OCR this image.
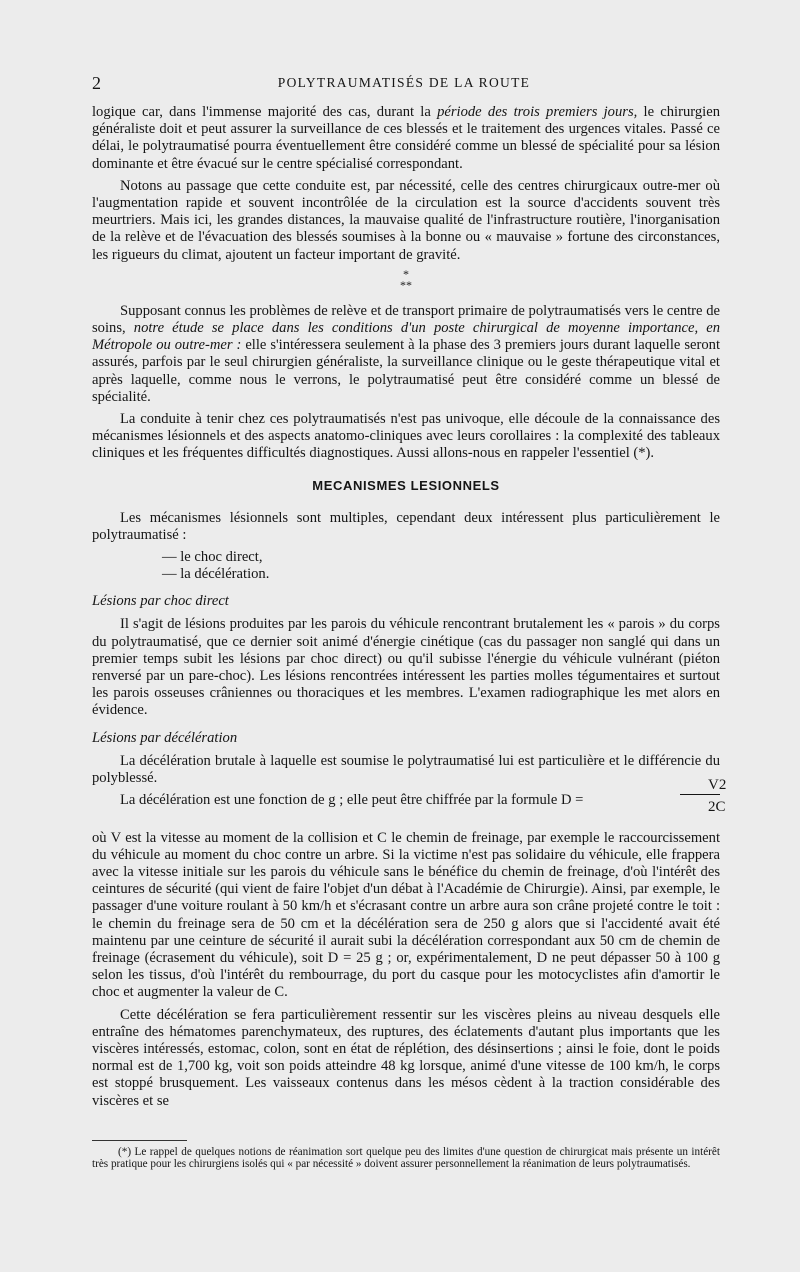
2	POLYTRAUMATISÉS DE LA ROUTE

logique car, dans l'immense majorité des cas, durant la période des trois premiers jours, le chirurgien généraliste doit et peut assurer la surveillance de ces blessés et le traitement des urgences vitales. Passé ce délai, le polytraumatisé pourra éventuellement être considéré comme un blessé de spécialité pour sa lésion dominante et être évacué sur le centre spécialisé correspondant.

Notons au passage que cette conduite est, par nécessité, celle des centres chirurgicaux outre-mer où l'augmentation rapide et souvent incontrôlée de la circulation est la source d'accidents souvent très meurtriers. Mais ici, les grandes distances, la mauvaise qualité de l'infrastructure routière, l'inorganisation de la relève et de l'évacuation des blessés soumises à la bonne ou « mauvaise » fortune des circonstances, les rigueurs du climat, ajoutent un facteur important de gravité.

*
**

Supposant connus les problèmes de relève et de transport primaire de polytraumatisés vers le centre de soins, notre étude se place dans les conditions d'un poste chirurgical de moyenne importance, en Métropole ou outre-mer : elle s'intéressera seulement à la phase des 3 premiers jours durant laquelle seront assurés, parfois par le seul chirurgien généraliste, la surveillance clinique ou le geste thérapeutique vital et après laquelle, comme nous le verrons, le polytraumatisé peut être considéré comme un blessé de spécialité.

La conduite à tenir chez ces polytraumatisés n'est pas univoque, elle découle de la connaissance des mécanismes lésionnels et des aspects anatomo-cliniques avec leurs corollaires : la complexité des tableaux cliniques et les fréquentes difficultés diagnostiques. Aussi allons-nous en rappeler l'essentiel (*).

MECANISMES LESIONNELS

Les mécanismes lésionnels sont multiples, cependant deux intéressent plus particulièrement le polytraumatisé :

— le choc direct,
— la décélération.
Lésions par choc direct

Il s'agit de lésions produites par les parois du véhicule rencontrant brutalement les « parois » du corps du polytraumatisé, que ce dernier soit animé d'énergie cinétique (cas du passager non sanglé qui dans un premier temps subit les lésions par choc direct) ou qu'il subisse l'énergie du véhicule vulnérant (piéton renversé par un pare-choc). Les lésions rencontrées intéressent les parties molles tégumentaires et surtout les parois osseuses crâniennes ou thoraciques et les membres. L'examen radiographique les met alors en évidence.

Lésions par décélération

La décélération brutale à laquelle est soumise le polytraumatisé lui est particulière et le différencie du polyblessé.

La décélération est une fonction de g ; elle peut être chiffrée par la formule D =
V2
2C

où V est la vitesse au moment de la collision et C le chemin de freinage, par exemple le raccourcissement du véhicule au moment du choc contre un arbre. Si la victime n'est pas solidaire du véhicule, elle frappera avec la vitesse initiale sur les parois du véhicule sans le bénéfice du chemin de freinage, d'où l'intérêt des ceintures de sécurité (qui vient de faire l'objet d'un débat à l'Académie de Chirurgie). Ainsi, par exemple, le passager d'une voiture roulant à 50 km/h et s'écrasant contre un arbre aura son crâne projeté contre le toit : le chemin du freinage sera de 50 cm et la décélération sera de 250 g alors que si l'accidenté avait été maintenu par une ceinture de sécurité il aurait subi la décélération correspondant aux 50 cm de chemin de freinage (écrasement du véhicule), soit D = 25 g ; or, expérimentalement, D ne peut dépasser 50 à 100 g selon les tissus, d'où l'intérêt du rembourrage, du port du casque pour les motocyclistes afin d'amortir le choc et augmenter la valeur de C.

Cette décélération se fera particulièrement ressentir sur les viscères pleins au niveau desquels elle entraîne des hématomes parenchymateux, des ruptures, des éclatements d'autant plus importants que les viscères intéressés, estomac, colon, sont en état de réplétion, des désinsertions ; ainsi le foie, dont le poids normal est de 1,700 kg, voit son poids atteindre 48 kg lorsque, animé d'une vitesse de 100 km/h, le corps est stoppé brusquement. Les vaisseaux contenus dans les mésos cèdent à la traction considérable des viscères et se

(*) Le rappel de quelques notions de réanimation sort quelque peu des limites d'une question de chirurgicat mais présente un intérêt très pratique pour les chirurgiens isolés qui « par nécessité » doivent assurer personnellement la réanimation de leurs polytraumatisés.
